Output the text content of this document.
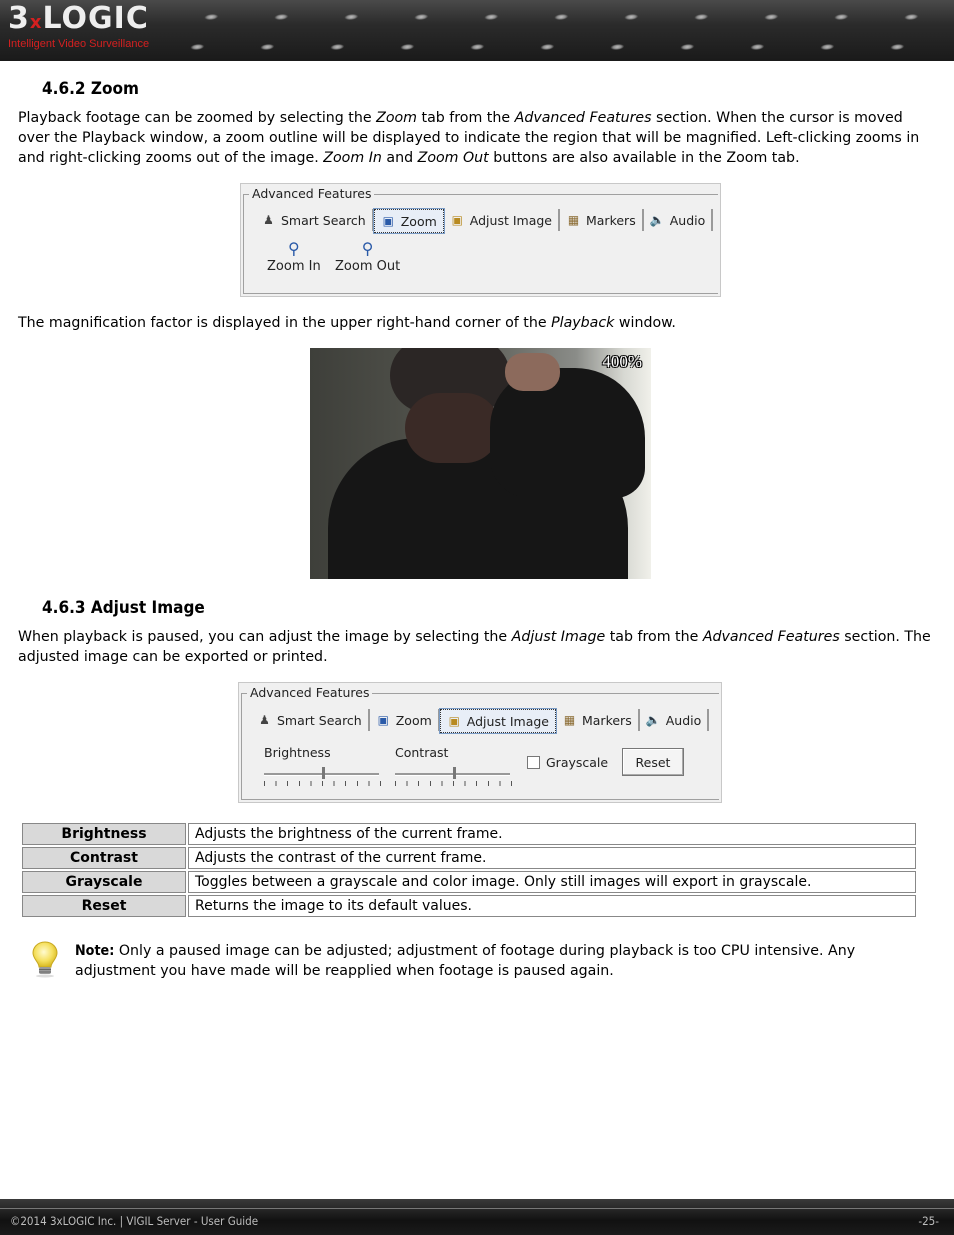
3xLOGIC
Intelligent Video Surveillance
4.6.2 Zoom
Playback footage can be zoomed by selecting the Zoom tab from the Advanced Features section. When the cursor is moved over the Playback window, a zoom outline will be displayed to indicate the region that will be magnified. Left-clicking zooms in and right-clicking zooms out of the image. Zoom In and Zoom Out buttons are also available in the Zoom tab.
Advanced Features
♟ Smart Search ▣ Zoom ▣ Adjust Image ▦ Markers 🔈 Audio
⚲
Zoom In
⚲
Zoom Out
The magnification factor is displayed in the upper right-hand corner of the Playback window.
400%
4.6.3 Adjust Image
When playback is paused, you can adjust the image by selecting the Adjust Image tab from the Advanced Features section. The adjusted image can be exported or printed.
Advanced Features
♟ Smart Search ▣ Zoom ▣ Adjust Image ▦ Markers 🔈 Audio
Brightness	Contrast
Grayscale	Reset
Brightness	Adjusts the brightness of the current frame.
Contrast	Adjusts the contrast of the current frame.
Grayscale	Toggles between a grayscale and color image. Only still images will export in grayscale.
Reset	Returns the image to its default values.
Note: Only a paused image can be adjusted; adjustment of footage during playback is too CPU intensive. Any adjustment you have made will be reapplied when footage is paused again.
©2014 3xLOGIC Inc. | VIGIL Server - User Guide	-25-
